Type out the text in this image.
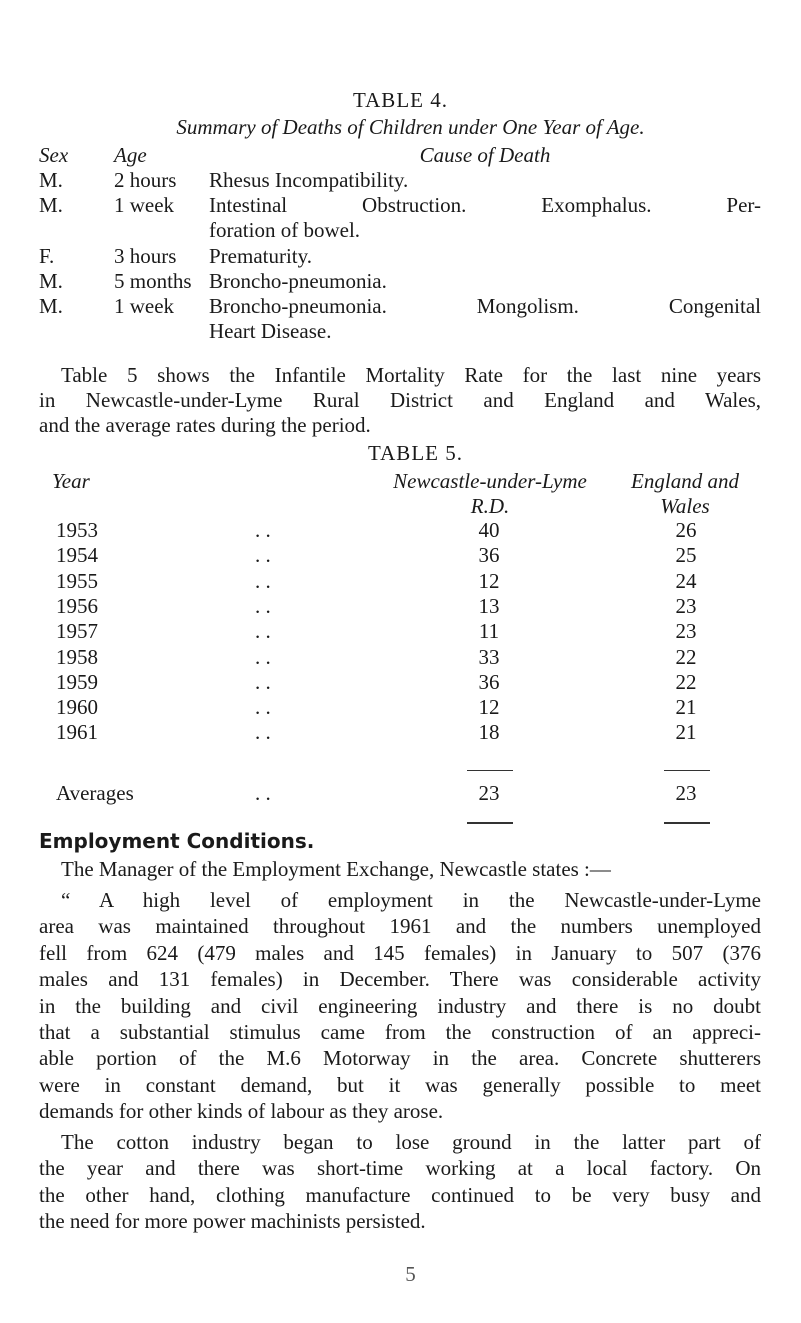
TABLE 4.
Summary of Deaths of Children under One Year of Age.
Sex Age	Cause of Death
M. 2 hours Rhesus Incompatibility.
M. 1 week Intestinal Obstruction. Exomphalus. Per-
foration of bowel.
F.	3 hours Prematurity.
M. 5 months Broncho-pneumonia.
M. 1 week Broncho-pneumonia. Mongolism. Congenital
Heart Disease.
Table 5 shows the Infantile Mortality Rate for the last nine years
in Newcastle-under-Lyme Rural District and England and Wales,
and the average rates during the period.
TABLE 5.
Year	Newcastle-under-Lyme
R.D.
England and
Wales
1953	. .	40	26
1954	. .	36	25
1955	. .	12	24
1956	. .	13	23
1957	. .	11	23
1958	. .	33	22
1959	. .	36	22
1960	. .	12	21
1961	. .	18	21
Averages	. .	23	23
Employment Conditions.
The Manager of the Employment Exchange, Newcastle states :—
“ A high level of employment in the Newcastle-under-Lyme
area was maintained throughout 1961 and the numbers unemployed
fell from 624 (479 males and 145 females) in January to 507 (376
males and 131 females) in December. There was considerable activity
in the building and civil engineering industry and there is no doubt
that a substantial stimulus came from the construction of an appreci-
able portion of the M.6 Motorway in the area. Concrete shutterers
were in constant demand, but it was generally possible to meet
demands for other kinds of labour as they arose.
The cotton industry began to lose ground in the latter part of
the year and there was short-time working at a local factory. On
the other hand, clothing manufacture continued to be very busy and
the need for more power machinists persisted.
5
